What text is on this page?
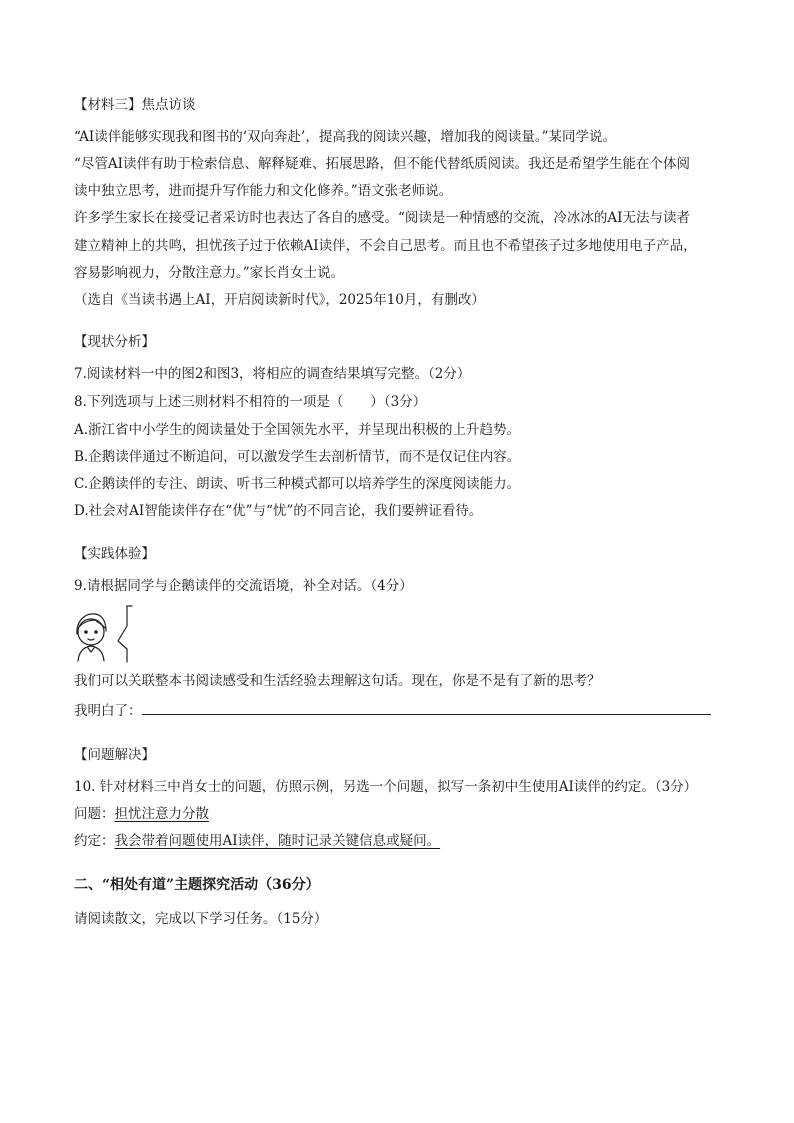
【材料三】焦点访谈
“AI读伴能够实现我和图书的‘双向奔赴’，提高我的阅读兴趣，增加我的阅读量。”某同学说。
“尽管AI读伴有助于检索信息、解释疑难、拓展思路，但不能代替纸质阅读。我还是希望学生能在个体阅
读中独立思考，进而提升写作能力和文化修养。”语文张老师说。
许多学生家长在接受记者采访时也表达了各自的感受。“阅读是一种情感的交流，冷冰冰的AI无法与读者
建立精神上的共鸣，担忧孩子过于依赖AI读伴，不会自己思考。而且也不希望孩子过多地使用电子产品，
容易影响视力，分散注意力。”家长肖女士说。
（选自《当读书遇上AI，开启阅读新时代》，2025年10月，有删改）
【现状分析】
7.阅读材料一中的图2和图3，将相应的调查结果填写完整。（2分）
8.下列选项与上述三则材料不相符的一项是（　　）（3分）
A.浙江省中小学生的阅读量处于全国领先水平，并呈现出积极的上升趋势。
B.企鹅读伴通过不断追问，可以激发学生去剖析情节，而不是仅记住内容。
C.企鹅读伴的专注、朗读、听书三种模式都可以培养学生的深度阅读能力。
D.社会对AI智能读伴存在“优”与“忧”的不同言论，我们要辨证看待。
【实践体验】
9.请根据同学与企鹅读伴的交流语境，补全对话。（4分）
我们可以关联整本书阅读感受和生活经验去理解这句话。现在，你是不是有了新的思考？
我明白了：
【问题解决】
10. 针对材料三中肖女士的问题，仿照示例，另选一个问题，拟写一条初中生使用AI读伴的约定。（3分）
问题：担忧注意力分散
约定：我会带着问题使用AI读伴，随时记录关键信息或疑问。
二、“相处有道”主题探究活动（36分）
请阅读散文，完成以下学习任务。（15分）
